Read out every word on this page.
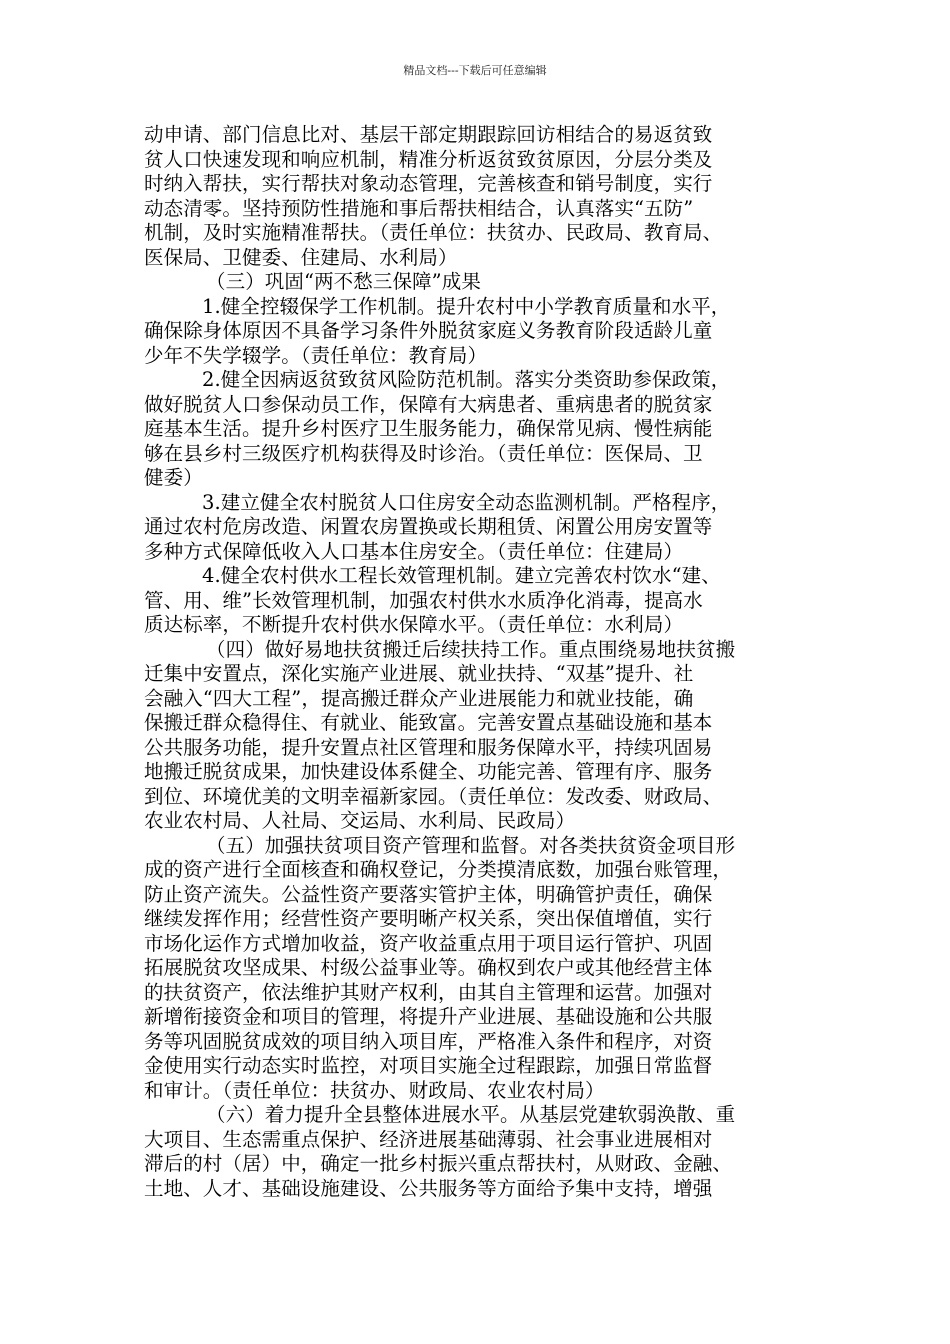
精品文档---下载后可任意编辑
动申请、部门信息比对、基层干部定期跟踪回访相结合的易返贫致
贫人口快速发现和响应机制，精准分析返贫致贫原因，分层分类及
时纳入帮扶，实行帮扶对象动态管理，完善核查和销号制度，实行
动态清零。坚持预防性措施和事后帮扶相结合，认真落实“五防”
机制，及时实施精准帮扶。（责任单位：扶贫办、民政局、教育局、
医保局、卫健委、住建局、水利局）
（三）巩固“两不愁三保障”成果
1.健全控辍保学工作机制。提升农村中小学教育质量和水平，
确保除身体原因不具备学习条件外脱贫家庭义务教育阶段适龄儿童
少年不失学辍学。（责任单位：教育局）
2.健全因病返贫致贫风险防范机制。落实分类资助参保政策，
做好脱贫人口参保动员工作，保障有大病患者、重病患者的脱贫家
庭基本生活。提升乡村医疗卫生服务能力，确保常见病、慢性病能
够在县乡村三级医疗机构获得及时诊治。（责任单位：医保局、卫
健委）
3.建立健全农村脱贫人口住房安全动态监测机制。严格程序，
通过农村危房改造、闲置农房置换或长期租赁、闲置公用房安置等
多种方式保障低收入人口基本住房安全。（责任单位：住建局）
4.健全农村供水工程长效管理机制。建立完善农村饮水“建、
管、用、维”长效管理机制，加强农村供水水质净化消毒，提高水
质达标率，不断提升农村供水保障水平。（责任单位：水利局）
（四）做好易地扶贫搬迁后续扶持工作。重点围绕易地扶贫搬
迁集中安置点，深化实施产业进展、就业扶持、“双基”提升、社
会融入“四大工程”，提高搬迁群众产业进展能力和就业技能，确
保搬迁群众稳得住、有就业、能致富。完善安置点基础设施和基本
公共服务功能，提升安置点社区管理和服务保障水平，持续巩固易
地搬迁脱贫成果，加快建设体系健全、功能完善、管理有序、服务
到位、环境优美的文明幸福新家园。（责任单位：发改委、财政局、
农业农村局、人社局、交运局、水利局、民政局）
（五）加强扶贫项目资产管理和监督。对各类扶贫资金项目形
成的资产进行全面核查和确权登记，分类摸清底数，加强台账管理，
防止资产流失。公益性资产要落实管护主体，明确管护责任，确保
继续发挥作用；经营性资产要明晰产权关系，突出保值增值，实行
市场化运作方式增加收益，资产收益重点用于项目运行管护、巩固
拓展脱贫攻坚成果、村级公益事业等。确权到农户或其他经营主体
的扶贫资产，依法维护其财产权利，由其自主管理和运营。加强对
新增衔接资金和项目的管理，将提升产业进展、基础设施和公共服
务等巩固脱贫成效的项目纳入项目库，严格准入条件和程序，对资
金使用实行动态实时监控，对项目实施全过程跟踪，加强日常监督
和审计。（责任单位：扶贫办、财政局、农业农村局）
（六）着力提升全县整体进展水平。从基层党建软弱涣散、重
大项目、生态需重点保护、经济进展基础薄弱、社会事业进展相对
滞后的村（居）中，确定一批乡村振兴重点帮扶村，从财政、金融、
土地、人才、基础设施建设、公共服务等方面给予集中支持，增强
